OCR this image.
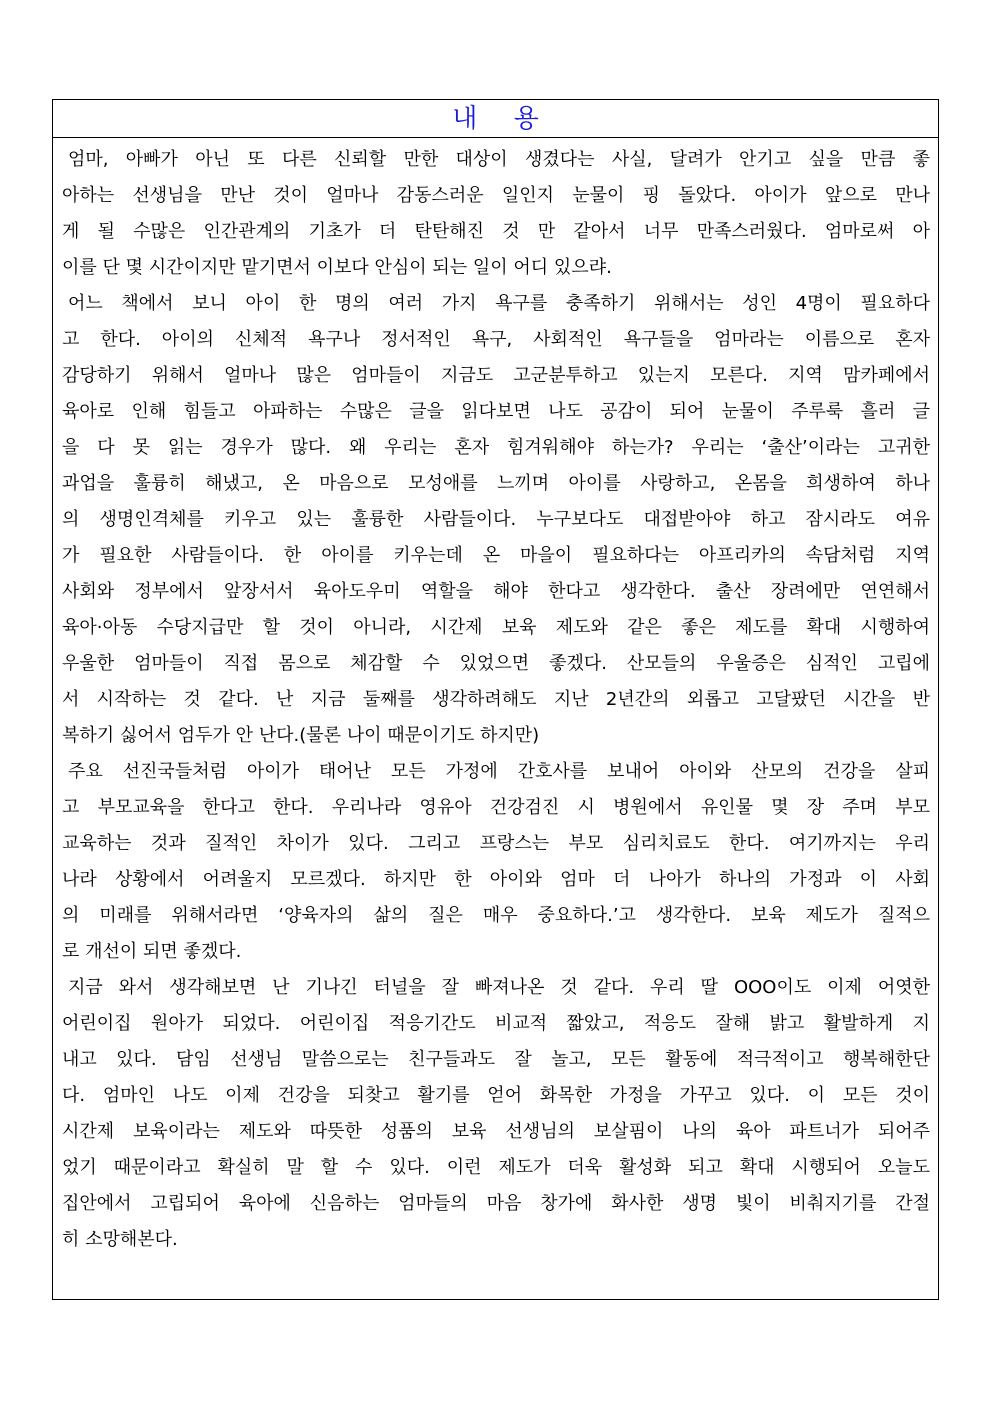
내 용
엄마, 아빠가 아닌 또 다른 신뢰할 만한 대상이 생겼다는 사실, 달려가 안기고 싶을 만큼 좋
아하는 선생님을 만난 것이 얼마나 감동스러운 일인지 눈물이 핑 돌았다. 아이가 앞으로 만나
게 될 수많은 인간관계의 기초가 더 탄탄해진 것 만 같아서 너무 만족스러웠다. 엄마로써 아
이를 단 몇 시간이지만 맡기면서 이보다 안심이 되는 일이 어디 있으랴.
어느 책에서 보니 아이 한 명의 여러 가지 욕구를 충족하기 위해서는 성인 4명이 필요하다
고 한다. 아이의 신체적 욕구나 정서적인 욕구, 사회적인 욕구들을 엄마라는 이름으로 혼자
감당하기 위해서 얼마나 많은 엄마들이 지금도 고군분투하고 있는지 모른다. 지역 맘카페에서
육아로 인해 힘들고 아파하는 수많은 글을 읽다보면 나도 공감이 되어 눈물이 주루룩 흘러 글
을 다 못 읽는 경우가 많다. 왜 우리는 혼자 힘겨워해야 하는가? 우리는 ‘출산’이라는 고귀한
과업을 훌륭히 해냈고, 온 마음으로 모성애를 느끼며 아이를 사랑하고, 온몸을 희생하여 하나
의 생명인격체를 키우고 있는 훌륭한 사람들이다. 누구보다도 대접받아야 하고 잠시라도 여유
가 필요한 사람들이다. 한 아이를 키우는데 온 마을이 필요하다는 아프리카의 속담처럼 지역
사회와 정부에서 앞장서서 육아도우미 역할을 해야 한다고 생각한다. 출산 장려에만 연연해서
육아·아동 수당지급만 할 것이 아니라, 시간제 보육 제도와 같은 좋은 제도를 확대 시행하여
우울한 엄마들이 직접 몸으로 체감할 수 있었으면 좋겠다. 산모들의 우울증은 심적인 고립에
서 시작하는 것 같다. 난 지금 둘째를 생각하려해도 지난 2년간의 외롭고 고달팠던 시간을 반
복하기 싫어서 엄두가 안 난다.(물론 나이 때문이기도 하지만)
주요 선진국들처럼 아이가 태어난 모든 가정에 간호사를 보내어 아이와 산모의 건강을 살피
고 부모교육을 한다고 한다. 우리나라 영유아 건강검진 시 병원에서 유인물 몇 장 주며 부모
교육하는 것과 질적인 차이가 있다. 그리고 프랑스는 부모 심리치료도 한다. 여기까지는 우리
나라 상황에서 어려울지 모르겠다. 하지만 한 아이와 엄마 더 나아가 하나의 가정과 이 사회
의 미래를 위해서라면 ‘양육자의 삶의 질은 매우 중요하다.’고 생각한다. 보육 제도가 질적으
로 개선이 되면 좋겠다.
지금 와서 생각해보면 난 기나긴 터널을 잘 빠져나온 것 같다. 우리 딸 OOO이도 이제 어엿한
어린이집 원아가 되었다. 어린이집 적응기간도 비교적 짧았고, 적응도 잘해 밝고 활발하게 지
내고 있다. 담임 선생님 말씀으로는 친구들과도 잘 놀고, 모든 활동에 적극적이고 행복해한단
다. 엄마인 나도 이제 건강을 되찾고 활기를 얻어 화목한 가정을 가꾸고 있다. 이 모든 것이
시간제 보육이라는 제도와 따뜻한 성품의 보육 선생님의 보살핌이 나의 육아 파트너가 되어주
었기 때문이라고 확실히 말 할 수 있다. 이런 제도가 더욱 활성화 되고 확대 시행되어 오늘도
집안에서 고립되어 육아에 신음하는 엄마들의 마음 창가에 화사한 생명 빛이 비춰지기를 간절
히 소망해본다.
